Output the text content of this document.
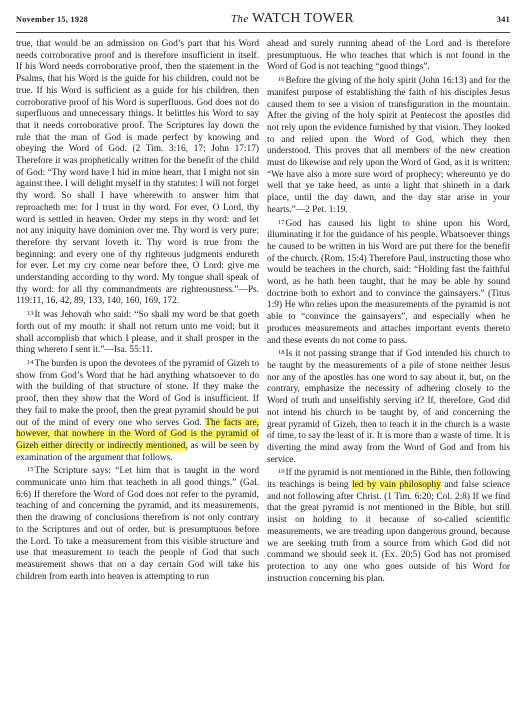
November 15, 1928	The WATCH TOWER	341

true, that would be an admission on God’s part that his Word needs corroborative proof and is therefore insufficient in itself. If his Word needs corroborative proof, then the statement in the Psalms, that his Word is the guide for his children, could not be true. If his Word is sufficient as a guide for his children, then corroborative proof of his Word is superfluous. God does not do superfluous and unnecessary things. It belittles his Word to say that it needs corroborative proof. The Scriptures lay down the rule that the man of God is made perfect by knowing and obeying the Word of God. (2 Tim. 3:16, 17; John 17:17) Therefore it was prophetically written for the benefit of the child of God: “Thy word have I hid in mine heart, that I might not sin against thee. I will delight myself in thy statutes: I will not forget thy word. So shall I have wherewith to answer him that reproacheth me: for I trust in thy word. For ever, O Lord, thy word is settled in heaven. Order my steps in thy word: and let not any iniquity have dominion over me. Thy word is very pure: therefore thy servant loveth it. Thy word is true from the beginning: and every one of thy righteous judgments endureth for ever. Let my cry come near before thee, O Lord: give me understanding according to thy word. My tongue shall speak of thy word: for all thy commandments are righteousness.”—Ps. 119:11, 16, 42, 89, 133, 140, 160, 169, 172.

$^{13}$It was Jehovah who said: “So shall my word be that goeth forth out of my mouth: it shall not return unto me void; but it shall accomplish that which I please, and it shall prosper in the thing whereto I sent it.”—Isa. 55:11.

$^{14}$The burden is upon the devotees of the pyramid of Gizeh to show from God’s Word that he had anything whatsoever to do with the building of that structure of stone. If they make the proof, then they show that the Word of God is insufficient. If they fail to make the proof, then the great pyramid should be put out of the mind of every one who serves God. The facts are, however, that nowhere in the Word of God is the pyramid of Gizeh either directly or indirectly mentioned, as will be seen by examination of the argument that follows.

$^{15}$The Scripture says: “Let him that is taught in the word communicate unto him that teacheth in all good things.” (Gal. 6:6) If therefore the Word of God does not refer to the pyramid, teaching of and concerning the pyramid, and its measurements, then the drawing of conclusions therefrom is not only contrary to the Scriptures and out of order, but is presumptuous before the Lord. To take a measurement from this visible structure and use that measurement to teach the people of God that such measurement shows that on a day certain God will take his children from earth into heaven is attempting to run

ahead and surely running ahead of the Lord and is therefore presumptuous. He who teaches that which is not found in the Word of God is not teaching “good things”.

$^{16}$Before the giving of the holy spirit (John 16:13) and for the manifest purpose of establishing the faith of his disciples Jesus caused them to see a vision of transfiguration in the mountain. After the giving of the holy spirit at Pentecost the apostles did not rely upon the evidence furnished by that vision. They looked to and relied upon the Word of God, which they then understood. This proves that all members of the new creation must do likewise and rely upon the Word of God, as it is written: “We have also a more sure word of prophecy; whereunto ye do well that ye take heed, as unto a light that shineth in a dark place, until the day dawn, and the day star arise in your hearts.”—2 Pet. 1:19.

$^{17}$God has caused his light to shine upon his Word, illuminating it for the guidance of his people. Whatsoever things he caused to be written in his Word are put there for the benefit of the church. (Rom. 15:4) Therefore Paul, instructing those who would be teachers in the church, said: “Holding fast the faithful word, as he hath been taught, that he may be able by sound doctrine both to exhort and to convince the gainsayers.” (Titus 1:9) He who relies upon the measurements of the pyramid is not able to “convince the gainsayers”, and especially when he produces measurements and attaches important events thereto and these events do not come to pass.

$^{18}$Is it not passing strange that if God intended his church to be taught by the measurements of a pile of stone neither Jesus nor any of the apostles has one word to say about it, but, on the contrary, emphasize the necessity of adhering closely to the Word of truth and unselfishly serving it? If, therefore, God did not intend his church to be taught by, of and concerning the great pyramid of Gizeh, then to teach it in the church is a waste of time, to say the least of it. It is more than a waste of time. It is diverting the mind away from the Word of God and from his service.

$^{19}$If the pyramid is not mentioned in the Bible, then following its teachings is being led by vain philosophy and false science and not following after Christ. (1 Tim. 6:20; Col. 2:8) If we find that the great pyramid is not mentioned in the Bible, but still insist on holding to it because of so-called scientific measurements, we are treading upon dangerous ground, because we are seeking truth from a source from which God did not command we should seek it. (Ex. 20:5) God has not promised protection to any one who goes outside of his Word for instruction concerning his plan.
